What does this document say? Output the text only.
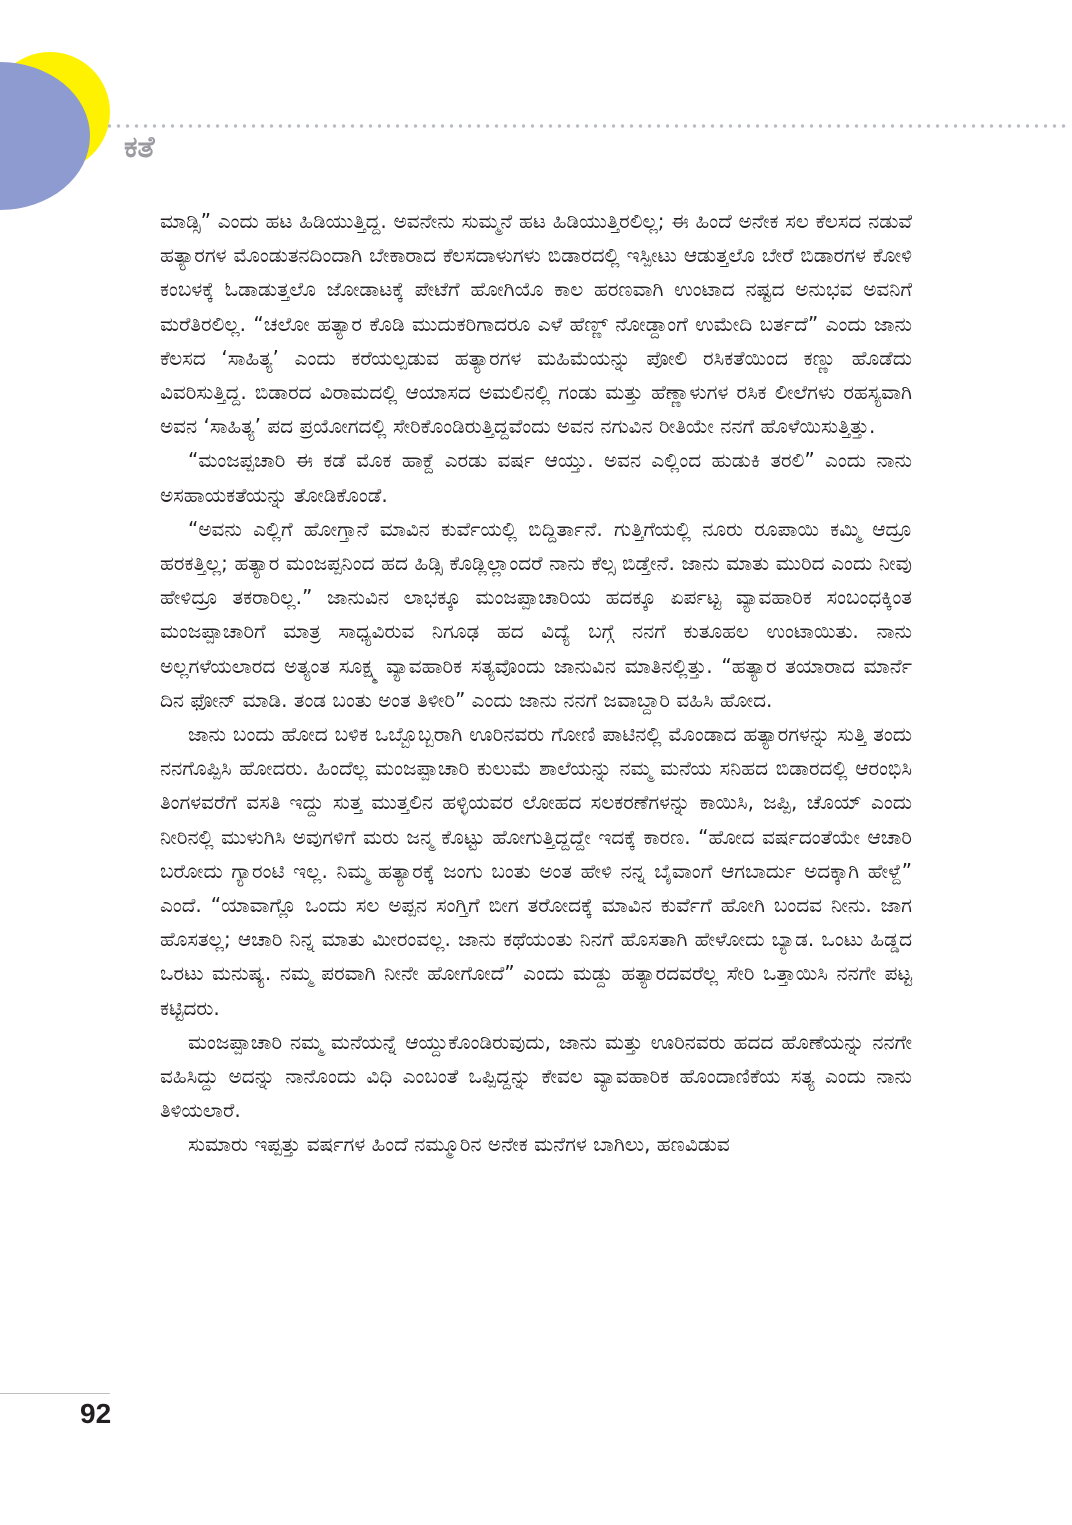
ಕತೆ

ಮಾಡ್ಸಿ” ಎಂದು ಹಟ ಹಿಡಿಯುತ್ತಿದ್ದ. ಅವನೇನು ಸುಮ್ಮನೆ ಹಟ ಹಿಡಿಯುತ್ತಿರಲಿಲ್ಲ; ಈ ಹಿಂದೆ ಅನೇಕ ಸಲ ಕೆಲಸದ ನಡುವೆ ಹತ್ಯಾರಗಳ ಮೊಂಡುತನದಿಂದಾಗಿ ಬೇಕಾರಾದ ಕೆಲಸದಾಳುಗಳು ಬಿಡಾರದಲ್ಲಿ ಇಸ್ಪೀಟು ಆಡುತ್ತಲೊ ಬೇರೆ ಬಿಡಾರಗಳ ಕೋಳಿ ಕಂಬಳಕ್ಕೆ ಓಡಾಡುತ್ತಲೊ ಜೋಡಾಟಕ್ಕೆ ಪೇಟೆಗೆ ಹೋಗಿಯೊ ಕಾಲ ಹರಣವಾಗಿ ಉಂಟಾದ ನಷ್ಟದ ಅನುಭವ ಅವನಿಗೆ ಮರೆತಿರಲಿಲ್ಲ. “ಚಲೋ ಹತ್ಯಾರ ಕೊಡಿ ಮುದುಕರಿಗಾದರೂ ಎಳೆ ಹೆಣ್ಣ್ ನೋಡ್ದಾಂಗೆ ಉಮೇದಿ ಬರ್ತದೆ” ಎಂದು ಜಾನು ಕೆಲಸದ ‘ಸಾಹಿತ್ಯ’ ಎಂದು ಕರೆಯಲ್ಪಡುವ ಹತ್ಯಾರಗಳ ಮಹಿಮೆಯನ್ನು ಪೋಲಿ ರಸಿಕತೆಯಿಂದ ಕಣ್ಣು ಹೊಡೆದು ವಿವರಿಸುತ್ತಿದ್ದ. ಬಿಡಾರದ ವಿರಾಮದಲ್ಲಿ ಆಯಾಸದ ಅಮಲಿನಲ್ಲಿ ಗಂಡು ಮತ್ತು ಹೆಣ್ಣಾಳುಗಳ ರಸಿಕ ಲೀಲೆಗಳು ರಹಸ್ಯವಾಗಿ ಅವನ ‘ಸಾಹಿತ್ಯ’ ಪದ ಪ್ರಯೋಗದಲ್ಲಿ ಸೇರಿಕೊಂಡಿರುತ್ತಿದ್ದವೆಂದು ಅವನ ನಗುವಿನ ರೀತಿಯೇ ನನಗೆ ಹೊಳೆಯಿಸುತ್ತಿತ್ತು.

“ಮಂಜಪ್ಪಚಾರಿ ಈ ಕಡೆ ಮೊಕ ಹಾಕ್ದೆ ಎರಡು ವರ್ಷ ಆಯ್ತು. ಅವನ ಎಲ್ಲಿಂದ ಹುಡುಕಿ ತರಲಿ” ಎಂದು ನಾನು ಅಸಹಾಯಕತೆಯನ್ನು ತೋಡಿಕೊಂಡೆ.

“ಅವನು ಎಲ್ಲಿಗೆ ಹೋಗ್ತಾನೆ ಮಾವಿನ ಕುರ್ವೆಯಲ್ಲಿ ಬಿದ್ದಿರ್ತಾನೆ. ಗುತ್ತಿಗೆಯಲ್ಲಿ ನೂರು ರೂಪಾಯಿ ಕಮ್ಮಿ ಆದ್ರೂ ಹರಕತ್ತಿಲ್ಲ; ಹತ್ಯಾರ ಮಂಜಪ್ಪನಿಂದ ಹದ ಹಿಡ್ಸಿ ಕೊಡ್ಲಿಲ್ಲಾಂದರೆ ನಾನು ಕೆಲ್ಸ ಬಿಡ್ತೇನೆ. ಜಾನು ಮಾತು ಮುರಿದ ಎಂದು ನೀವು ಹೇಳಿದ್ರೂ ತಕರಾರಿಲ್ಲ.” ಜಾನುವಿನ ಲಾಭಕ್ಕೂ ಮಂಜಪ್ಪಾಚಾರಿಯ ಹದಕ್ಕೂ ಏರ್ಪಟ್ಟ ವ್ಯಾವಹಾರಿಕ ಸಂಬಂಧಕ್ಕಿಂತ ಮಂಜಪ್ಪಾಚಾರಿಗೆ ಮಾತ್ರ ಸಾಧ್ಯವಿರುವ ನಿಗೂಢ ಹದ ವಿದ್ಯೆ ಬಗ್ಗೆ ನನಗೆ ಕುತೂಹಲ ಉಂಟಾಯಿತು. ನಾನು ಅಲ್ಲಗಳೆಯಲಾರದ ಅತ್ಯಂತ ಸೂಕ್ಷ್ಮ ವ್ಯಾವಹಾರಿಕ ಸತ್ಯವೊಂದು ಜಾನುವಿನ ಮಾತಿನಲ್ಲಿತ್ತು. “ಹತ್ಯಾರ ತಯಾರಾದ ಮಾರ್ನೆ ದಿನ ಫೋನ್ ಮಾಡಿ. ತಂಡ ಬಂತು ಅಂತ ತಿಳೀರಿ” ಎಂದು ಜಾನು ನನಗೆ ಜವಾಬ್ದಾರಿ ವಹಿಸಿ ಹೋದ.

ಜಾನು ಬಂದು ಹೋದ ಬಳಿಕ ಒಬ್ಬೊಬ್ಬರಾಗಿ ಊರಿನವರು ಗೋಣಿ ಪಾಟಿನಲ್ಲಿ ಮೊಂಡಾದ ಹತ್ಯಾರಗಳನ್ನು ಸುತ್ತಿ ತಂದು ನನಗೊಪ್ಪಿಸಿ ಹೋದರು. ಹಿಂದೆಲ್ಲ ಮಂಜಪ್ಪಾಚಾರಿ ಕುಲುಮೆ ಶಾಲೆಯನ್ನು ನಮ್ಮ ಮನೆಯ ಸನಿಹದ ಬಿಡಾರದಲ್ಲಿ ಆರಂಭಿಸಿ ತಿಂಗಳವರೆಗೆ ವಸತಿ ಇದ್ದು ಸುತ್ತ ಮುತ್ತಲಿನ ಹಳ್ಳಿಯವರ ಲೋಹದ ಸಲಕರಣೆಗಳನ್ನು ಕಾಯಿಸಿ, ಜಪ್ಪಿ, ಚೊಯ್ ಎಂದು ನೀರಿನಲ್ಲಿ ಮುಳುಗಿಸಿ ಅವುಗಳಿಗೆ ಮರು ಜನ್ಮ ಕೊಟ್ಟು ಹೋಗುತ್ತಿದ್ದದ್ದೇ ಇದಕ್ಕೆ ಕಾರಣ. “ಹೋದ ವರ್ಷದಂತೆಯೇ ಆಚಾರಿ ಬರೋದು ಗ್ಯಾರಂಟಿ ಇಲ್ಲ. ನಿಮ್ಮ ಹತ್ಯಾರಕ್ಕೆ ಜಂಗು ಬಂತು ಅಂತ ಹೇಳಿ ನನ್ನ ಬೈವಾಂಗೆ ಆಗಬಾರ್ದು ಅದಕ್ಕಾಗಿ ಹೇಳ್ದೆ” ಎಂದೆ. “ಯಾವಾಗ್ಲೊ ಒಂದು ಸಲ ಅಪ್ಪನ ಸಂಗ್ತಿಗೆ ಬೀಗ ತರೋದಕ್ಕೆ ಮಾವಿನ ಕುರ್ವೆಗೆ ಹೋಗಿ ಬಂದವ ನೀನು. ಜಾಗ ಹೊಸತಲ್ಲ; ಆಚಾರಿ ನಿನ್ನ ಮಾತು ಮೀರಂವಲ್ಲ. ಜಾನು ಕಥೆಯಂತು ನಿನಗೆ ಹೊಸತಾಗಿ ಹೇಳೋದು ಬ್ಯಾಡ. ಒಂಟು ಹಿಡ್ಡದ ಒರಟು ಮನುಷ್ಯ. ನಮ್ಮ ಪರವಾಗಿ ನೀನೇ ಹೋಗೋದೆ” ಎಂದು ಮಡ್ದು ಹತ್ಯಾರದವರೆಲ್ಲ ಸೇರಿ ಒತ್ತಾಯಿಸಿ ನನಗೇ ಪಟ್ಟ ಕಟ್ಟಿದರು.

ಮಂಜಪ್ಪಾಚಾರಿ ನಮ್ಮ ಮನೆಯನ್ನೆ ಆಯ್ದುಕೊಂಡಿರುವುದು, ಜಾನು ಮತ್ತು ಊರಿನವರು ಹದದ ಹೊಣೆಯನ್ನು ನನಗೇ ವಹಿಸಿದ್ದು ಅದನ್ನು ನಾನೊಂದು ವಿಧಿ ಎಂಬಂತೆ ಒಪ್ಪಿದ್ದನ್ನು ಕೇವಲ ವ್ಯಾವಹಾರಿಕ ಹೊಂದಾಣಿಕೆಯ ಸತ್ಯ ಎಂದು ನಾನು ತಿಳಿಯಲಾರೆ.

ಸುಮಾರು ಇಪ್ಪತ್ತು ವರ್ಷಗಳ ಹಿಂದೆ ನಮ್ಮೂರಿನ ಅನೇಕ ಮನೆಗಳ ಬಾಗಿಲು, ಹಣವಿಡುವ

92
